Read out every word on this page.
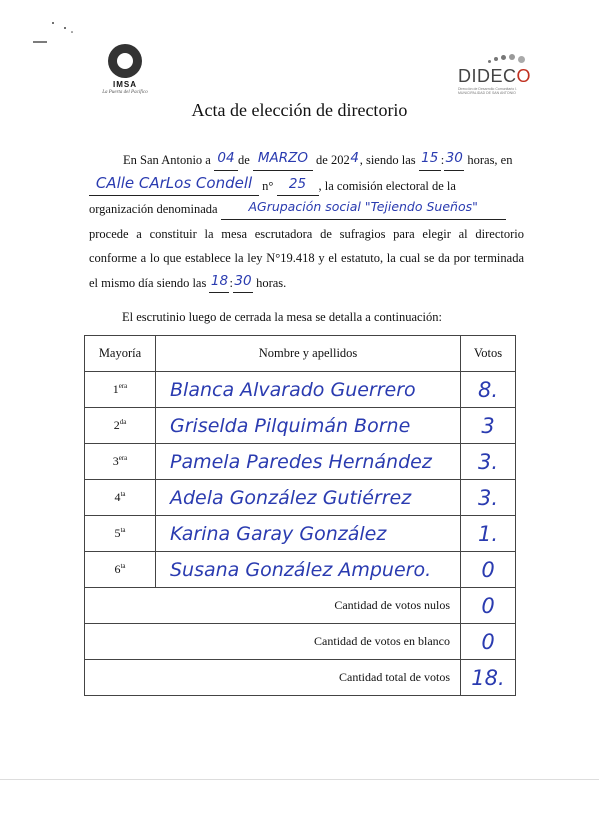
IMSA
La Puerta del Pacífico
DIDECO
Dirección de Desarrollo Comunitario I. MUNICIPALIDAD DE SAN ANTONIO
Acta de elección de directorio
En San Antonio a 04 de MARZO de 2024, siendo las 15 :
30 horas, en
CAlle CArLos Condell n° 25 , la comisión electoral de la
organización denominada AGrupación social "Tejiendo Sueños"
procede a constituir la mesa escrutadora de sufragios para elegir al directorio
conforme a lo que establece la ley N°19.418 y el estatuto, la cual se da por terminada
el mismo día siendo las 18:
30 horas.
El escrutinio luego de cerrada la mesa se detalla a continuación:
Mayoría	Nombre y apellidos	Votos
$1^{era}$	Blanca Alvarado Guerrero	8.
$2^{da}$	Griselda Pilquimán Borne	3
$3^{era}$	Pamela Paredes Hernández	3.
$4^{ta}$	Adela González Gutiérrez	3.
$5^{ta}$	Karina Garay González	1.
$6^{ta}$	Susana González Ampuero.	0
Cantidad de votos nulos		0
Cantidad de votos en blanco		0
Cantidad total de votos		18.
